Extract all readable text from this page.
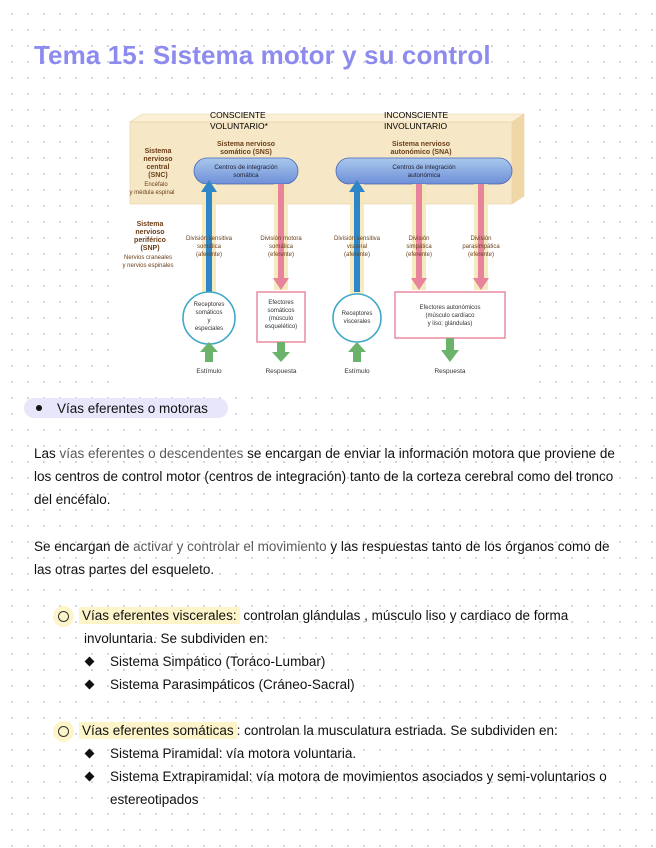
Tema 15: Sistema motor y su control
CONSCIENTE
VOLUNTARIO*
INCONSCIENTE
INVOLUNTARIO
Sistema
nervioso
central
(SNC)
Encéfalo
y médula espinal
Sistema nervioso
somático (SNS)
Sistema nervioso
autonómico (SNA)
Centros de integración
somática
Centros de integración
autonómica
Sistema
nervioso
periférico
(SNP)
Nervios craneales
y nervios espinales
División sensitiva
somática
(aferente)
División motora
somática
(eferente)
División sensitiva
visceral
(aferente)
División
simpática
(eferente)
División
parasimpática
(eferente)
Receptores
somáticos
y
especiales
Efectores
somáticos
(músculo
esquelético)
Receptores
viscerales
Efectores autonómicos
(músculo cardíaco
y liso; glándulas)
Estímulo	Respuesta	Estímulo	Respuesta
Vías eferentes o motoras

Las vías eferentes o descendentes se encargan de enviar la información motora que proviene de los centros de control motor (centros de integración) tanto de la corteza cerebral como del tronco del encéfalo.

Se encargan de activar y controlar el movimiento y las respuestas tanto de los órganos como de las otras partes del esqueleto.

Vías eferentes viscerales: controlan glándulas , músculo liso y cardiaco de forma
involuntaria. Se subdividen en:
Sistema Simpático (Toráco-Lumbar)
Sistema Parasimpáticos (Cráneo-Sacral)
Vías eferentes somáticas : controlan la musculatura estriada. Se subdividen en:
Sistema Piramidal: vía motora voluntaria.
Sistema Extrapiramidal: vía motora de movimientos asociados y semi-voluntarios o estereotipados
